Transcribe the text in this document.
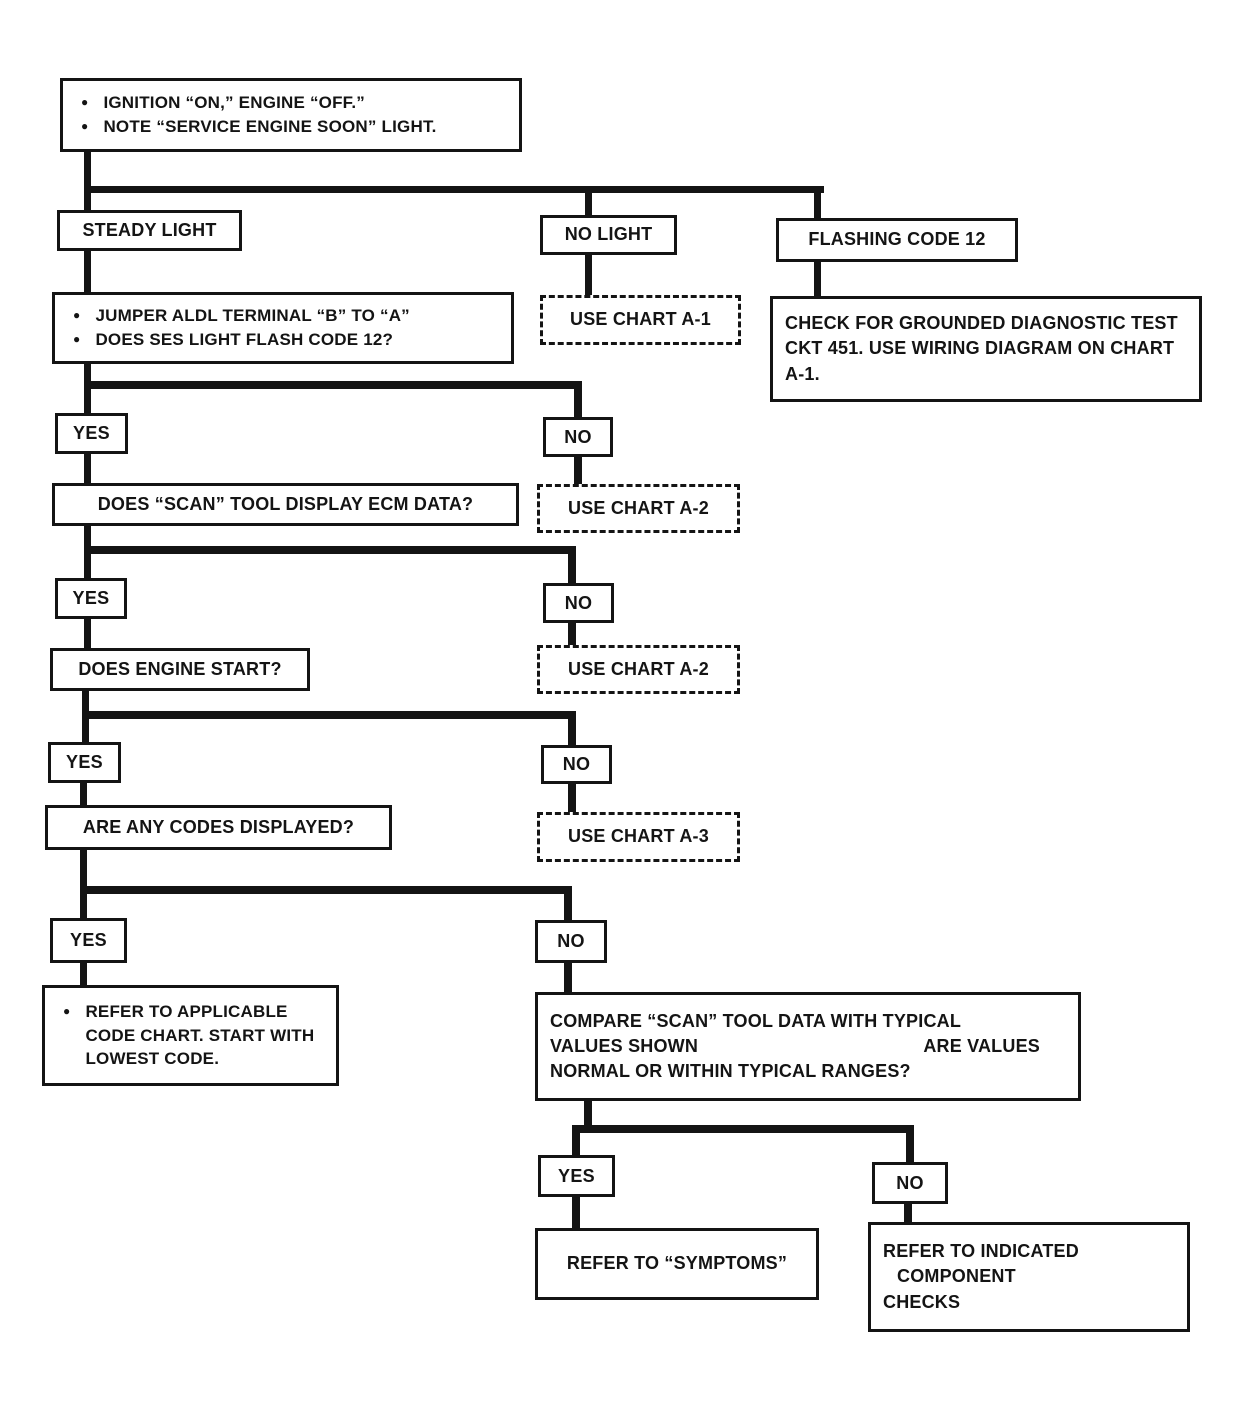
● IGNITION “ON,” ENGINE “OFF.”
● NOTE “SERVICE ENGINE SOON” LIGHT.
STEADY LIGHT	NO LIGHT	FLASHING CODE 12
● JUMPER ALDL TERMINAL “B” TO “A”
● DOES SES LIGHT FLASH CODE 12?
USE CHART A-1	CHECK FOR GROUNDED DIAGNOSTIC TEST CKT 451. USE WIRING DIAGRAM ON CHART A-1.
YES	NO
DOES “SCAN” TOOL DISPLAY ECM DATA?	USE CHART A-2
YES	NO
DOES ENGINE START?	USE CHART A-2
YES	NO
ARE ANY CODES DISPLAYED?	USE CHART A-3
YES	NO
● REFER TO APPLICABLE CODE CHART. START WITH LOWEST CODE.
COMPARE “SCAN” TOOL DATA WITH TYPICAL
VALUES SHOWN	ARE VALUES
NORMAL OR WITHIN TYPICAL RANGES?
YES	NO
REFER TO “SYMPTOMS”
REFER TO INDICATED
COMPONENT
CHECKS
